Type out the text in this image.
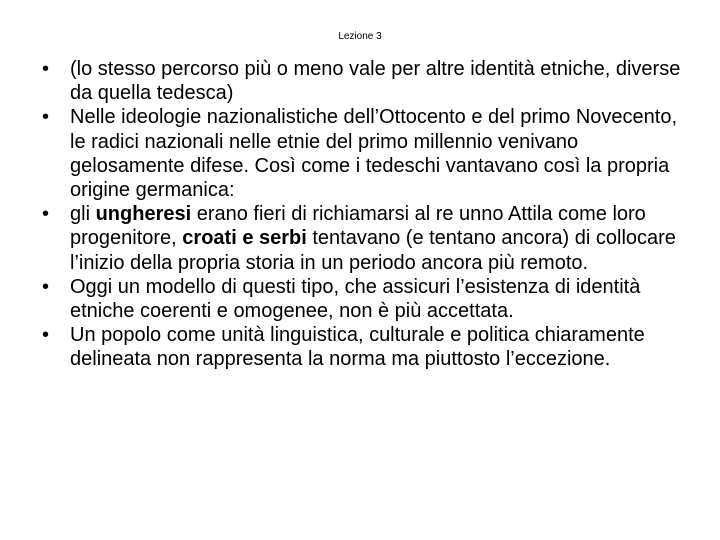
Lezione 3
• (lo stesso percorso più o meno vale per altre identità etniche, diverse da quella tedesca)
• Nelle ideologie nazionalistiche dell’Ottocento e del primo Novecento, le radici nazionali nelle etnie del primo millennio venivano gelosamente difese. Così come i tedeschi vantavano così la propria origine germanica:
• gli ungheresi erano fieri di richiamarsi al re unno Attila come loro progenitore, croati e serbi tentavano (e tentano ancora) di collocare l’inizio della propria storia in un periodo ancora più remoto.
• Oggi un modello di questi tipo, che assicuri l’esistenza di identità etniche coerenti e omogenee, non è più accettata.
• Un popolo come unità linguistica, culturale e politica chiaramente delineata non rappresenta la norma ma piuttosto l’eccezione.
